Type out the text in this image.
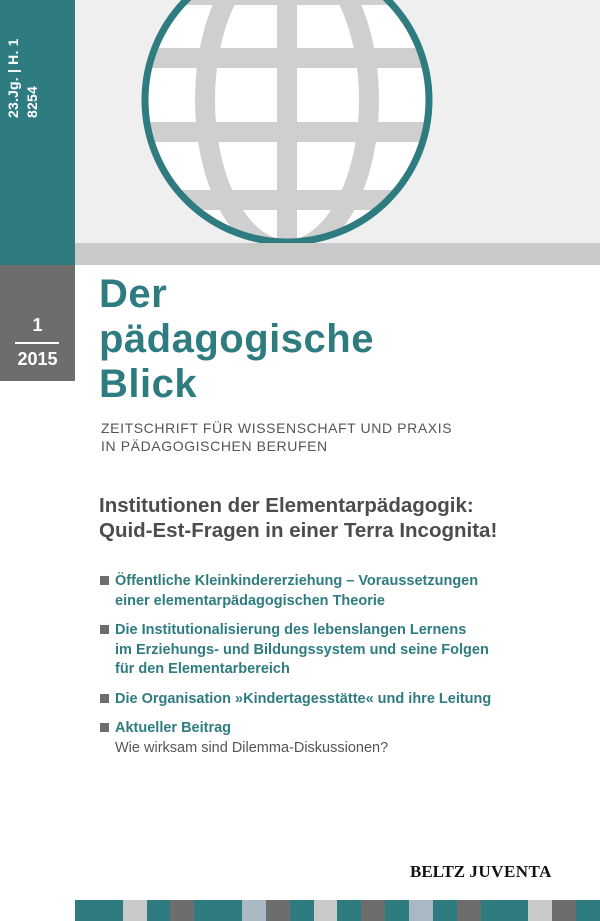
23.Jg. | H. 1 8254
1
2015
Der
pädagogische
Blick
ZEITSCHRIFT FÜR WISSENSCHAFT UND PRAXIS
IN PÄDAGOGISCHEN BERUFEN
Institutionen der Elementarpädagogik:
Quid-Est-Fragen in einer Terra Incognita!
Öffentliche Kleinkindererziehung – Voraussetzungen
einer elementarpädagogischen Theorie
Die Institutionalisierung des lebenslangen Lernens
im Erziehungs- und Bildungssystem und seine Folgen
für den Elementarbereich
Die Organisation »Kindertagesstätte« und ihre Leitung
Aktueller Beitrag
Wie wirksam sind Dilemma-Diskussionen?
BELTZ JUVENTA
